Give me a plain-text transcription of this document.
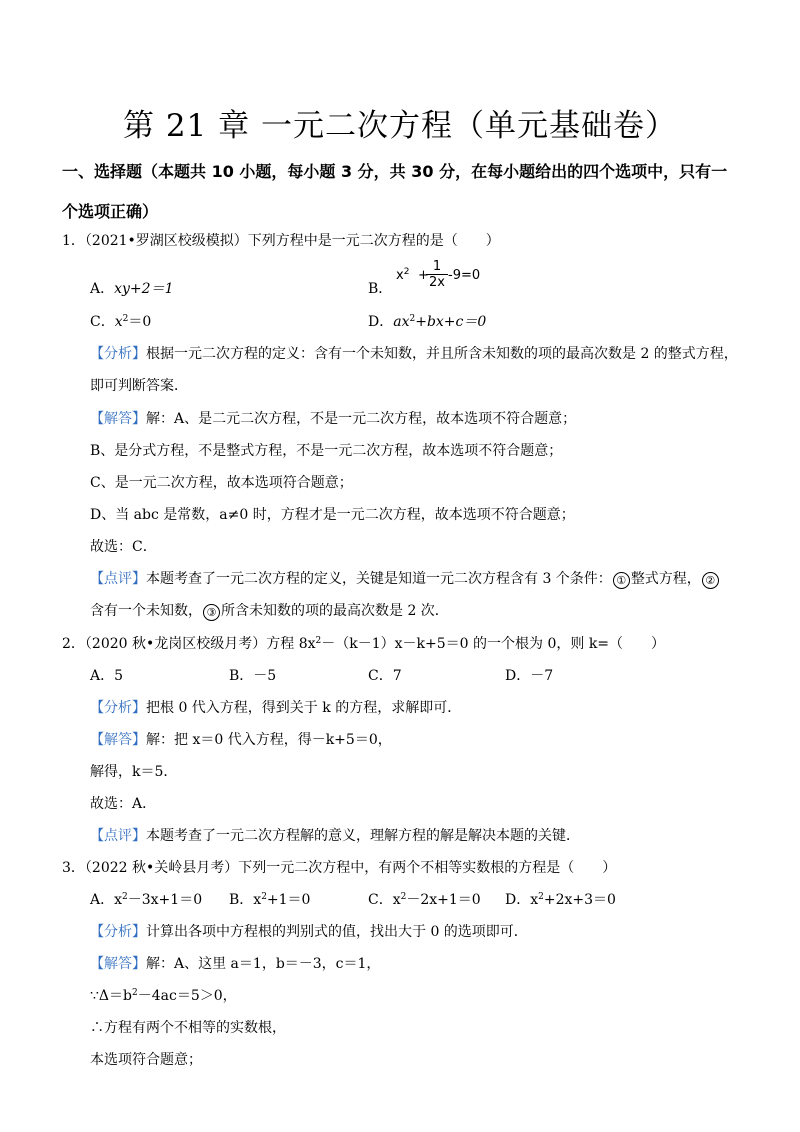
第 21 章 一元二次方程（单元基础卷）
一、选择题（本题共 10 小题，每小题 3 分，共 30 分，在每小题给出的四个选项中，只有一
个选项正确）
1．（2021•罗湖区校级模拟）下列方程中是一元二次方程的是（　　）
A．xy+2＝1	B．
$x^2$ +
1
2x -9=0
C．$x^2=0$	D．$ax^2+bx+c=0$
【分析】根据一元二次方程的定义：含有一个未知数，并且所含未知数的项的最高次数是 2 的整式方程，
即可判断答案．
【解答】解：A、是二元二次方程，不是一元二次方程，故本选项不符合题意；
B、是分式方程，不是整式方程，不是一元二次方程，故本选项不符合题意；
C、是一元二次方程，故本选项符合题意；
D、当 abc 是常数，a≠0 时，方程才是一元二次方程，故本选项不符合题意；
故选：C．
【点评】本题考查了一元二次方程的定义，关键是知道一元二次方程含有 3 个条件： ① 整式方程， ②
含有一个未知数， ③ 所含未知数的项的最高次数是 2 次．
2．（2020 秋•龙岗区校级月考）方程 $8x^2-(k-1)x-k+5=0$ 的一个根为 0，则 k=（　　）
A．5	B．－5	C．7	D．－7
【分析】把根 0 代入方程，得到关于 k 的方程，求解即可．
【解答】解：把 x＝0 代入方程，得－k+5＝0，
解得，k＝5．
故选：A．
【点评】本题考查了一元二次方程解的意义，理解方程的解是解决本题的关键．
3．（2022 秋•关岭县月考）下列一元二次方程中，有两个不相等实数根的方程是（　　）
A．$x^2-3x+1=0$ B．$x^2+1=0$	C．$x^2-2x+1=0$ D．$x^2+2x+3=0$
【分析】计算出各项中方程根的判别式的值，找出大于 0 的选项即可．
【解答】解：A、这里 a＝1，b＝－3，c＝1，
$\because\Delta=b^2-4ac=5>0$，
∴方程有两个不相等的实数根，
本选项符合题意；
